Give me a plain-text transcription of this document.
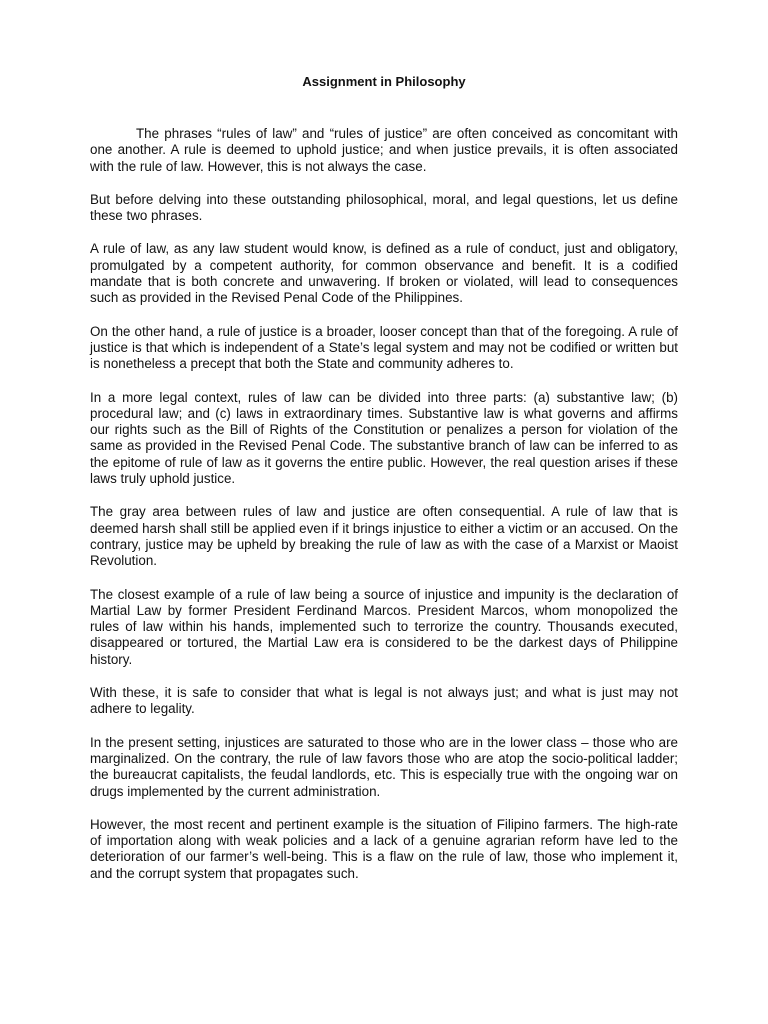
Assignment in Philosophy

The phrases “rules of law” and “rules of justice” are often conceived as concomitant with one another. A rule is deemed to uphold justice; and when justice prevails, it is often associated with the rule of law. However, this is not always the case.

But before delving into these outstanding philosophical, moral, and legal questions, let us define these two phrases.

A rule of law, as any law student would know, is defined as a rule of conduct, just and obligatory, promulgated by a competent authority, for common observance and benefit. It is a codified mandate that is both concrete and unwavering. If broken or violated, will lead to consequences such as provided in the Revised Penal Code of the Philippines.

On the other hand, a rule of justice is a broader, looser concept than that of the foregoing. A rule of justice is that which is independent of a State’s legal system and may not be codified or written but is nonetheless a precept that both the State and community adheres to.

In a more legal context, rules of law can be divided into three parts: (a) substantive law; (b) procedural law; and (c) laws in extraordinary times. Substantive law is what governs and affirms our rights such as the Bill of Rights of the Constitution or penalizes a person for violation of the same as provided in the Revised Penal Code. The substantive branch of law can be inferred to as the epitome of rule of law as it governs the entire public. However, the real question arises if these laws truly uphold justice.

The gray area between rules of law and justice are often consequential. A rule of law that is deemed harsh shall still be applied even if it brings injustice to either a victim or an accused. On the contrary, justice may be upheld by breaking the rule of law as with the case of a Marxist or Maoist Revolution.

The closest example of a rule of law being a source of injustice and impunity is the declaration of Martial Law by former President Ferdinand Marcos. President Marcos, whom monopolized the rules of law within his hands, implemented such to terrorize the country. Thousands executed, disappeared or tortured, the Martial Law era is considered to be the darkest days of Philippine history.

With these, it is safe to consider that what is legal is not always just; and what is just may not adhere to legality.

In the present setting, injustices are saturated to those who are in the lower class – those who are marginalized. On the contrary, the rule of law favors those who are atop the socio-political ladder; the bureaucrat capitalists, the feudal landlords, etc. This is especially true with the ongoing war on drugs implemented by the current administration.

However, the most recent and pertinent example is the situation of Filipino farmers. The high-rate of importation along with weak policies and a lack of a genuine agrarian reform have led to the deterioration of our farmer’s well-being. This is a flaw on the rule of law, those who implement it, and the corrupt system that propagates such.
